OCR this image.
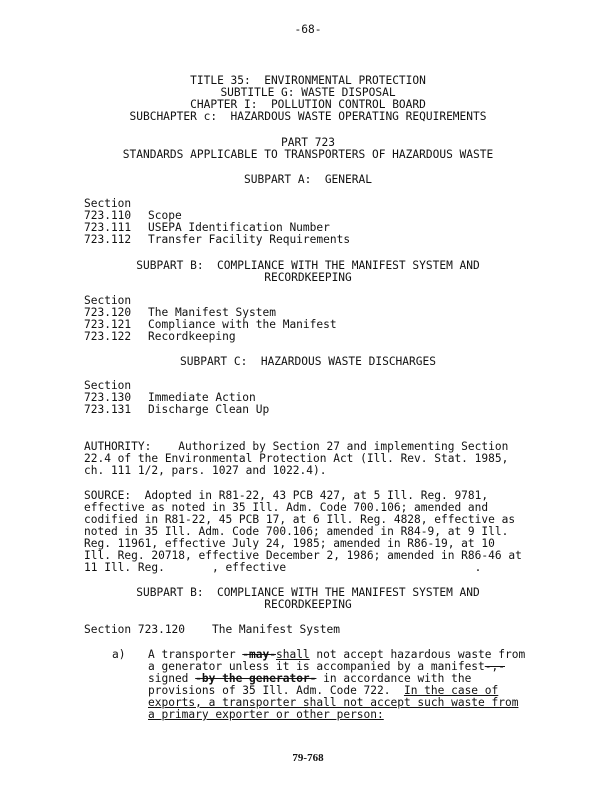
-68-
TITLE 35:  ENVIRONMENTAL PROTECTION
SUBTITLE G: WASTE DISPOSAL
CHAPTER I:  POLLUTION CONTROL BOARD
SUBCHAPTER c:  HAZARDOUS WASTE OPERATING REQUIREMENTS
PART 723
STANDARDS APPLICABLE TO TRANSPORTERS OF HAZARDOUS WASTE
SUBPART A:  GENERAL
Section
723.110 Scope
723.111 USEPA Identification Number
723.112 Transfer Facility Requirements
SUBPART B:  COMPLIANCE WITH THE MANIFEST SYSTEM AND
RECORDKEEPING
Section
723.120 The Manifest System
723.121 Compliance with the Manifest
723.122 Recordkeeping
SUBPART C:  HAZARDOUS WASTE DISCHARGES
Section
723.130 Immediate Action
723.131 Discharge Clean Up
AUTHORITY:    Authorized by Section 27 and implementing Section
22.4 of the Environmental Protection Act (Ill. Rev. Stat. 1985,
ch. 111 1/2, pars. 1027 and 1022.4).
SOURCE:  Adopted in R81-22, 43 PCB 427, at 5 Ill. Reg. 9781,
effective as noted in 35 Ill. Adm. Code 700.106; amended and
codified in R81-22, 45 PCB 17, at 6 Ill. Reg. 4828, effective as
noted in 35 Ill. Adm. Code 700.106; amended in R84-9, at 9 Ill.
Reg. 11961, effective July 24, 1985; amended in R86-19, at 10
Ill. Reg. 20718, effective December 2, 1986; amended in R86-46 at
11 Ill. Reg.       , effective                            .
SUBPART B:  COMPLIANCE WITH THE MANIFEST SYSTEM AND
RECORDKEEPING
Section 723.120    The Manifest System
a) A transporter -may-shall not accept hazardous waste from
a generator unless it is accompanied by a manifest-,-
signed -by the generator- in accordance with the
provisions of 35 Ill. Adm. Code 722.  In the case of
exports, a transporter shall not accept such waste from
a primary exporter or other person:
79-768
